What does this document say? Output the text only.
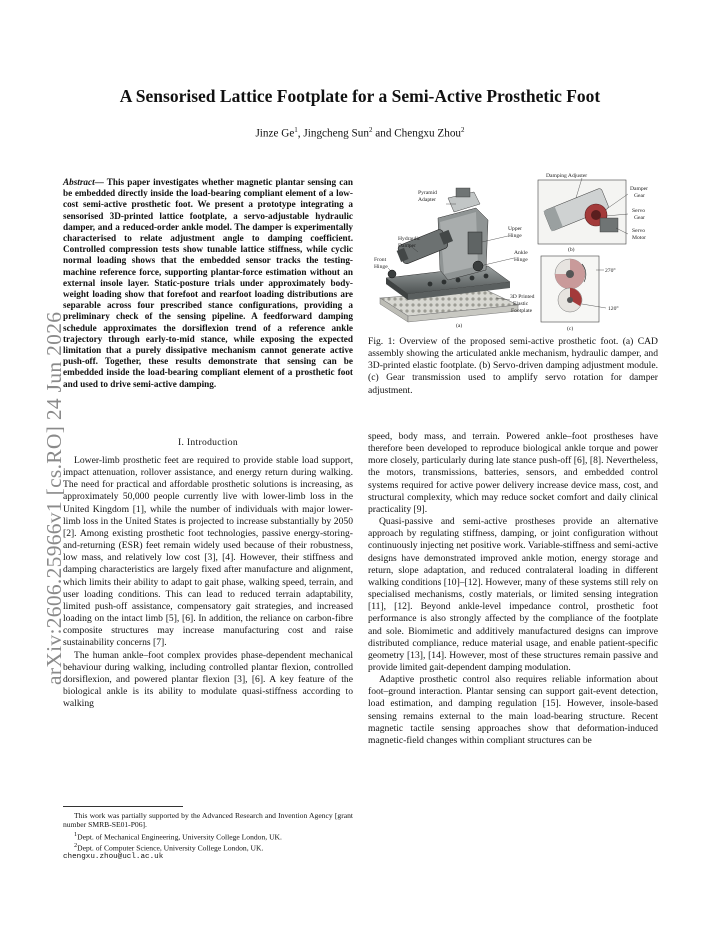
arXiv:2606.25966v1 [cs.RO] 24 Jun 2026
A Sensorised Lattice Footplate for a Semi-Active Prosthetic Foot
Jinze Ge$^1$, Jingcheng Sun$^2$ and Chengxu Zhou$^2$

Abstract— This paper investigates whether magnetic plantar sensing can be embedded directly inside the load-bearing compliant element of a low-cost semi-active prosthetic foot. We present a prototype integrating a sensorised 3D-printed lattice footplate, a servo-adjustable hydraulic damper, and a reduced-order ankle model. The damper is experimentally characterised to relate adjustment angle to damping coefficient. Controlled compression tests show tunable lattice stiffness, while cyclic normal loading shows that the embedded sensor tracks the testing-machine reference force, supporting plantar-force estimation without an external insole layer. Static-posture trials under approximately body-weight loading show that forefoot and rearfoot loading distributions are separable across four prescribed stance configurations, providing a preliminary check of the sensing pipeline. A feedforward damping schedule approximates the dorsiflexion trend of a reference ankle trajectory through early-to-mid stance, while exposing the expected limitation that a purely dissipative mechanism cannot generate active push-off. Together, these results demonstrate that sensing can be embedded inside the load-bearing compliant element of a prosthetic foot and used to drive semi-active damping.

I. Introduction

Lower-limb prosthetic feet are required to provide stable load support, impact attenuation, rollover assistance, and energy return during walking. The need for practical and affordable prosthetic solutions is increasing, as approximately 50,000 people currently live with lower-limb loss in the United Kingdom [1], while the number of individuals with major lower-limb loss in the United States is projected to increase substantially by 2050 [2]. Among existing prosthetic foot technologies, passive energy-storing-and-returning (ESR) feet remain widely used because of their robustness, low mass, and relatively low cost [3], [4]. However, their stiffness and damping characteristics are largely fixed after manufacture and alignment, which limits their ability to adapt to gait phase, walking speed, terrain, and user loading conditions. This can lead to reduced terrain adaptability, limited push-off assistance, compensatory gait strategies, and increased loading on the intact limb [5], [6]. In addition, the reliance on carbon-fibre composite structures may increase manufacturing cost and raise sustainability concerns [7].

The human ankle–foot complex provides phase-dependent mechanical behaviour during walking, including controlled plantar flexion, controlled dorsiflexion, and powered plantar flexion [3], [6]. A key feature of the biological ankle is its ability to modulate quasi-stiffness according to walking

This work was partially supported by the Advanced Research and Invention Agency [grant number SMRB-SE01-P06].

$^1$Dept. of Mechanical Engineering, University College London, UK.

$^2$Dept. of Computer Science, University College London, UK.

chengxu.zhou@ucl.ac.uk

Pyramid
Adapter
Upper
Hinge
Hydraulic
Damper
Ankle
Hinge
Front
Hinge
3D Printed
Elastic
Footplate
(a)
Damping Adjuster
Damper
Gear
Servo
Gear
Servo
Motor
(b)
270°
120°
(c)
Fig. 1: Overview of the proposed semi-active prosthetic foot. (a) CAD assembly showing the articulated ankle mechanism, hydraulic damper, and 3D-printed elastic footplate. (b) Servo-driven damping adjustment module. (c) Gear transmission used to amplify servo rotation for damper adjustment.

speed, body mass, and terrain. Powered ankle–foot prostheses have therefore been developed to reproduce biological ankle torque and power more closely, particularly during late stance push-off [6], [8]. Nevertheless, the motors, transmissions, batteries, sensors, and embedded control systems required for active power delivery increase device mass, cost, and structural complexity, which may reduce socket comfort and daily clinical practicality [9].

Quasi-passive and semi-active prostheses provide an alternative approach by regulating stiffness, damping, or joint configuration without continuously injecting net positive work. Variable-stiffness and semi-active designs have demonstrated improved ankle motion, energy storage and return, slope adaptation, and reduced contralateral loading in different walking conditions [10]–[12]. However, many of these systems still rely on specialised mechanisms, costly materials, or limited sensing integration [11], [12]. Beyond ankle-level impedance control, prosthetic foot performance is also strongly affected by the compliance of the footplate and sole. Biomimetic and additively manufactured designs can improve distributed compliance, reduce material usage, and enable patient-specific geometry [13], [14]. However, most of these structures remain passive and provide limited gait-dependent damping modulation.

Adaptive prosthetic control also requires reliable information about foot–ground interaction. Plantar sensing can support gait-event detection, load estimation, and damping regulation [15]. However, insole-based sensing remains external to the main load-bearing structure. Recent magnetic tactile sensing approaches show that deformation-induced magnetic-field changes within compliant structures can be
